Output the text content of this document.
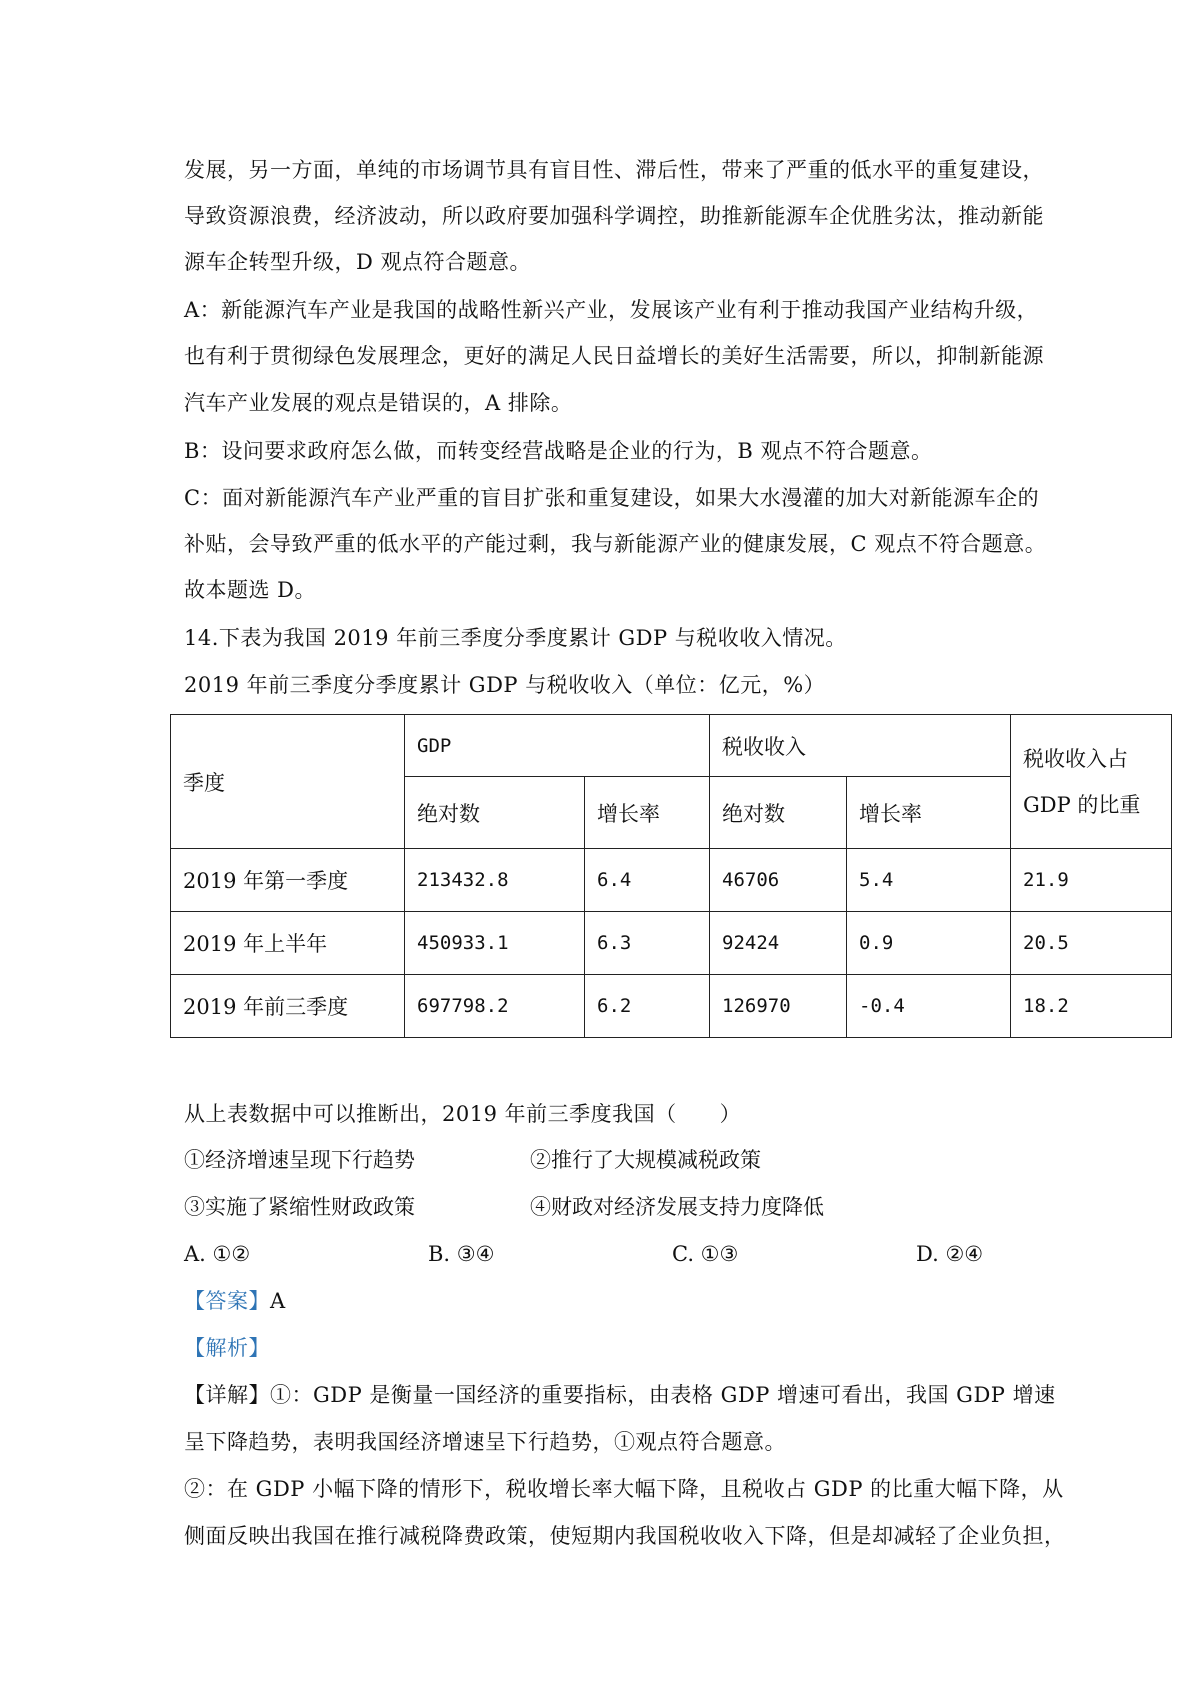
发展，另一方面，单纯的市场调节具有盲目性、滞后性，带来了严重的低水平的重复建设，
导致资源浪费，经济波动，所以政府要加强科学调控，助推新能源车企优胜劣汰，推动新能
源车企转型升级，D 观点符合题意。
A：新能源汽车产业是我国的战略性新兴产业，发展该产业有利于推动我国产业结构升级，
也有利于贯彻绿色发展理念，更好的满足人民日益增长的美好生活需要，所以，抑制新能源
汽车产业发展的观点是错误的，A 排除。
B：设问要求政府怎么做，而转变经营战略是企业的行为，B 观点不符合题意。
C：面对新能源汽车产业严重的盲目扩张和重复建设，如果大水漫灌的加大对新能源车企的
补贴，会导致严重的低水平的产能过剩，我与新能源产业的健康发展，C 观点不符合题意。
故本题选 D。
14.下表为我国 2019 年前三季度分季度累计 GDP 与税收收入情况。
2019 年前三季度分季度累计 GDP 与税收收入（单位：亿元，%）
季度	GDP		税收收入		税收收入占
GDP 的比重

	绝对数	增长率	绝对数	增长率	
2019 年第一季度	213432.8	6.4	46706	5.4	21.9
2019 年上半年	450933.1	6.3	92424	0.9	20.5
2019 年前三季度	697798.2	6.2	126970	-0.4	18.2
从上表数据中可以推断出，2019 年前三季度我国（　　）
①经济增速呈现下行趋势	②推行了大规模减税政策
③实施了紧缩性财政政策	④财政对经济发展支持力度降低
A. ①②	B. ③④	C. ①③	D. ②④
【答案】A
【解析】
【详解】①：GDP 是衡量一国经济的重要指标，由表格 GDP 增速可看出，我国 GDP 增速
呈下降趋势，表明我国经济增速呈下行趋势，①观点符合题意。
②：在 GDP 小幅下降的情形下，税收增长率大幅下降，且税收占 GDP 的比重大幅下降，从
侧面反映出我国在推行减税降费政策，使短期内我国税收收入下降，但是却减轻了企业负担，
